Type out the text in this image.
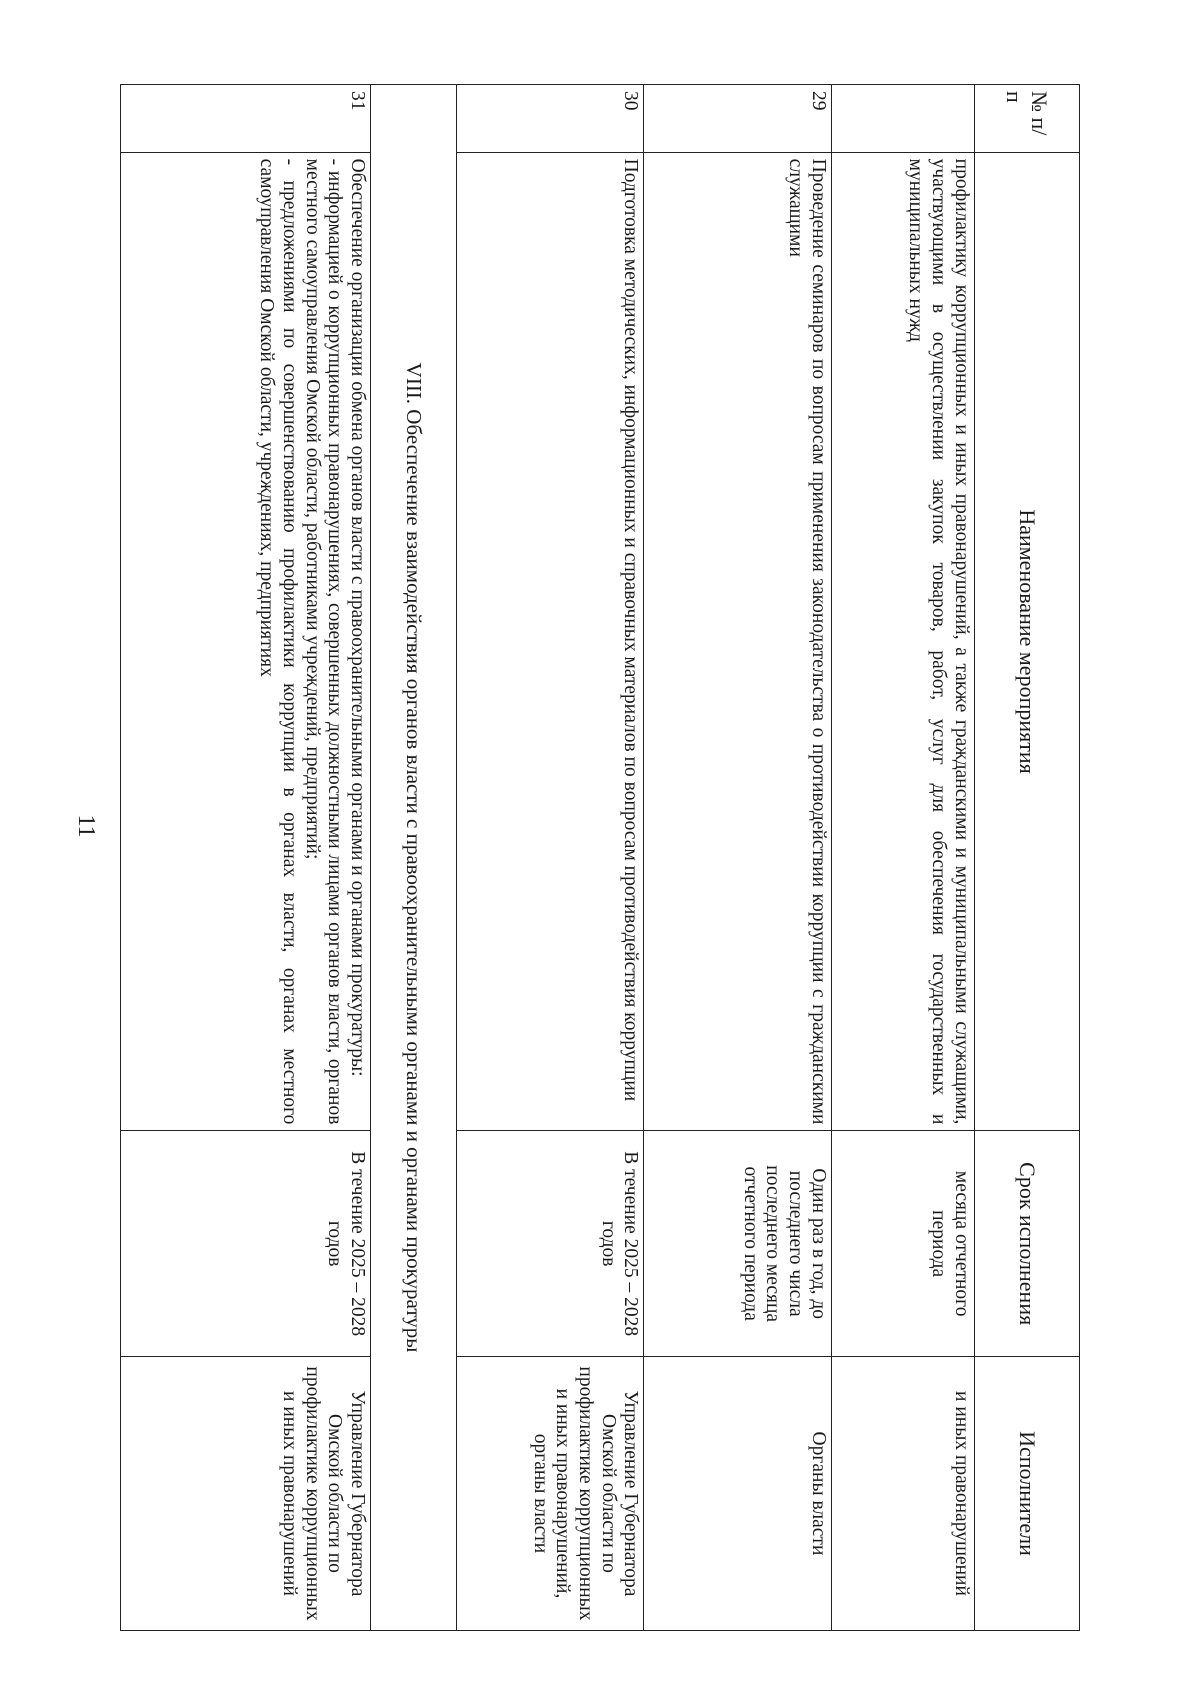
11
№ п/п	Наименование мероприятия	Срок исполнения	Исполнители
	профилактику коррупционных и иных правонарушений, а также гражданскими и муниципальными служащими, участвующими в осуществлении закупок товаров, работ, услуг для обеспечения государственных и муниципальных нужд	месяца отчетного периода	и иных правонарушений
29	Проведение семинаров по вопросам применения законодательства о противодействии коррупции с гражданскими служащими	Один раз в год, до последнего числа последнего месяца отчетного периода	Органы власти
30	Подготовка методических, информационных и справочных материалов по вопросам противодействия коррупции	В течение 2025 – 2028 годов	Управление Губернатора Омской области по профилактике коррупционных и иных правонарушений, органы власти
VIII. Обеспечение взаимодействия органов власти с правоохранительными органами и органами прокуратуры			
31	Обеспечение организации обмена органов власти с правоохранительными органами и органами прокуратуры:
- информацией о коррупционных правонарушениях, совершенных должностными лицами органов власти, органов местного самоуправления Омской области, работниками учреждений, предприятий;
- предложениями по совершенствованию профилактики коррупции в органах власти, органах местного самоуправления Омской области, учреждениях, предприятиях	В течение 2025 – 2028 годов	Управление Губернатора Омской области по профилактике коррупционных и иных правонарушений
